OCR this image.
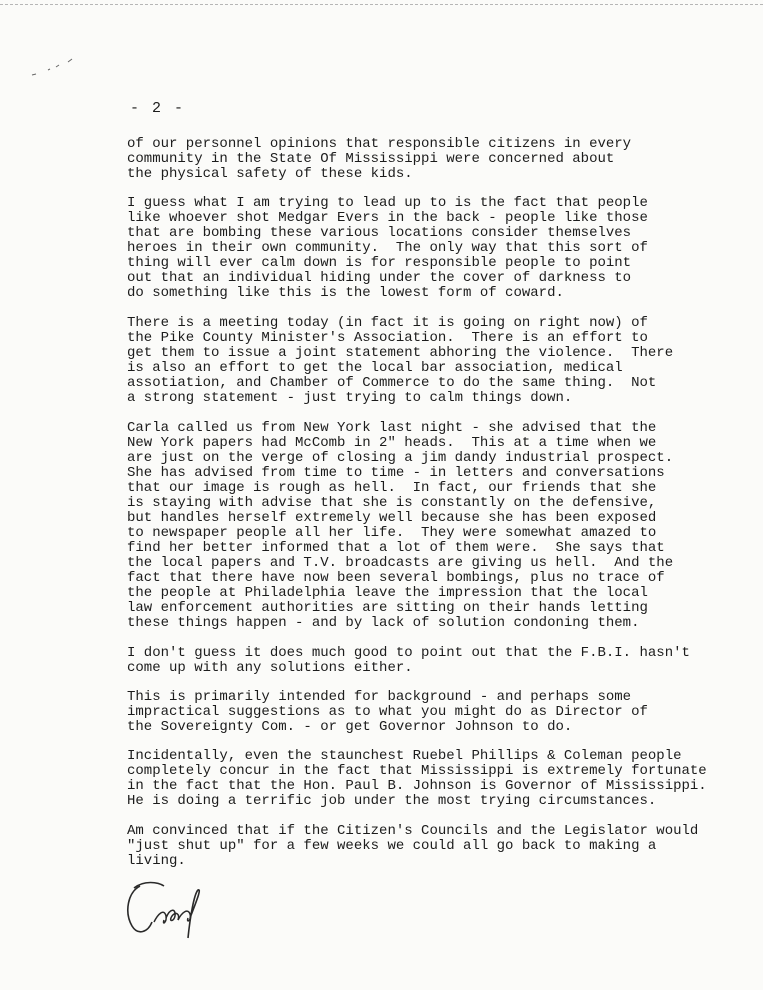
- 2 -
of our personnel opinions that responsible citizens in every
community in the State Of Mississippi were concerned about
the physical safety of these kids.
I guess what I am trying to lead up to is the fact that people
like whoever shot Medgar Evers in the back - people like those
that are bombing these various locations consider themselves
heroes in their own community.  The only way that this sort of
thing will ever calm down is for responsible people to point
out that an individual hiding under the cover of darkness to
do something like this is the lowest form of coward.
There is a meeting today (in fact it is going on right now) of
the Pike County Minister's Association.  There is an effort to
get them to issue a joint statement abhoring the violence.  There
is also an effort to get the local bar association, medical
assotiation, and Chamber of Commerce to do the same thing.  Not
a strong statement - just trying to calm things down.
Carla called us from New York last night - she advised that the
New York papers had McComb in 2" heads.  This at a time when we
are just on the verge of closing a jim dandy industrial prospect.
She has advised from time to time - in letters and conversations
that our image is rough as hell.  In fact, our friends that she
is staying with advise that she is constantly on the defensive,
but handles herself extremely well because she has been exposed
to newspaper people all her life.  They were somewhat amazed to
find her better informed that a lot of them were.  She says that
the local papers and T.V. broadcasts are giving us hell.  And the
fact that there have now been several bombings, plus no trace of
the people at Philadelphia leave the impression that the local
law enforcement authorities are sitting on their hands letting
these things happen - and by lack of solution condoning them.
I don't guess it does much good to point out that the F.B.I. hasn't
come up with any solutions either.
This is primarily intended for background - and perhaps some
impractical suggestions as to what you might do as Director of
the Sovereignty Com. - or get Governor Johnson to do.
Incidentally, even the staunchest Ruebel Phillips & Coleman people
completely concur in the fact that Mississippi is extremely fortunate
in the fact that the Hon. Paul B. Johnson is Governor of Mississippi.
He is doing a terrific job under the most trying circumstances.
Am convinced that if the Citizen's Councils and the Legislator would
"just shut up" for a few weeks we could all go back to making a
living.
